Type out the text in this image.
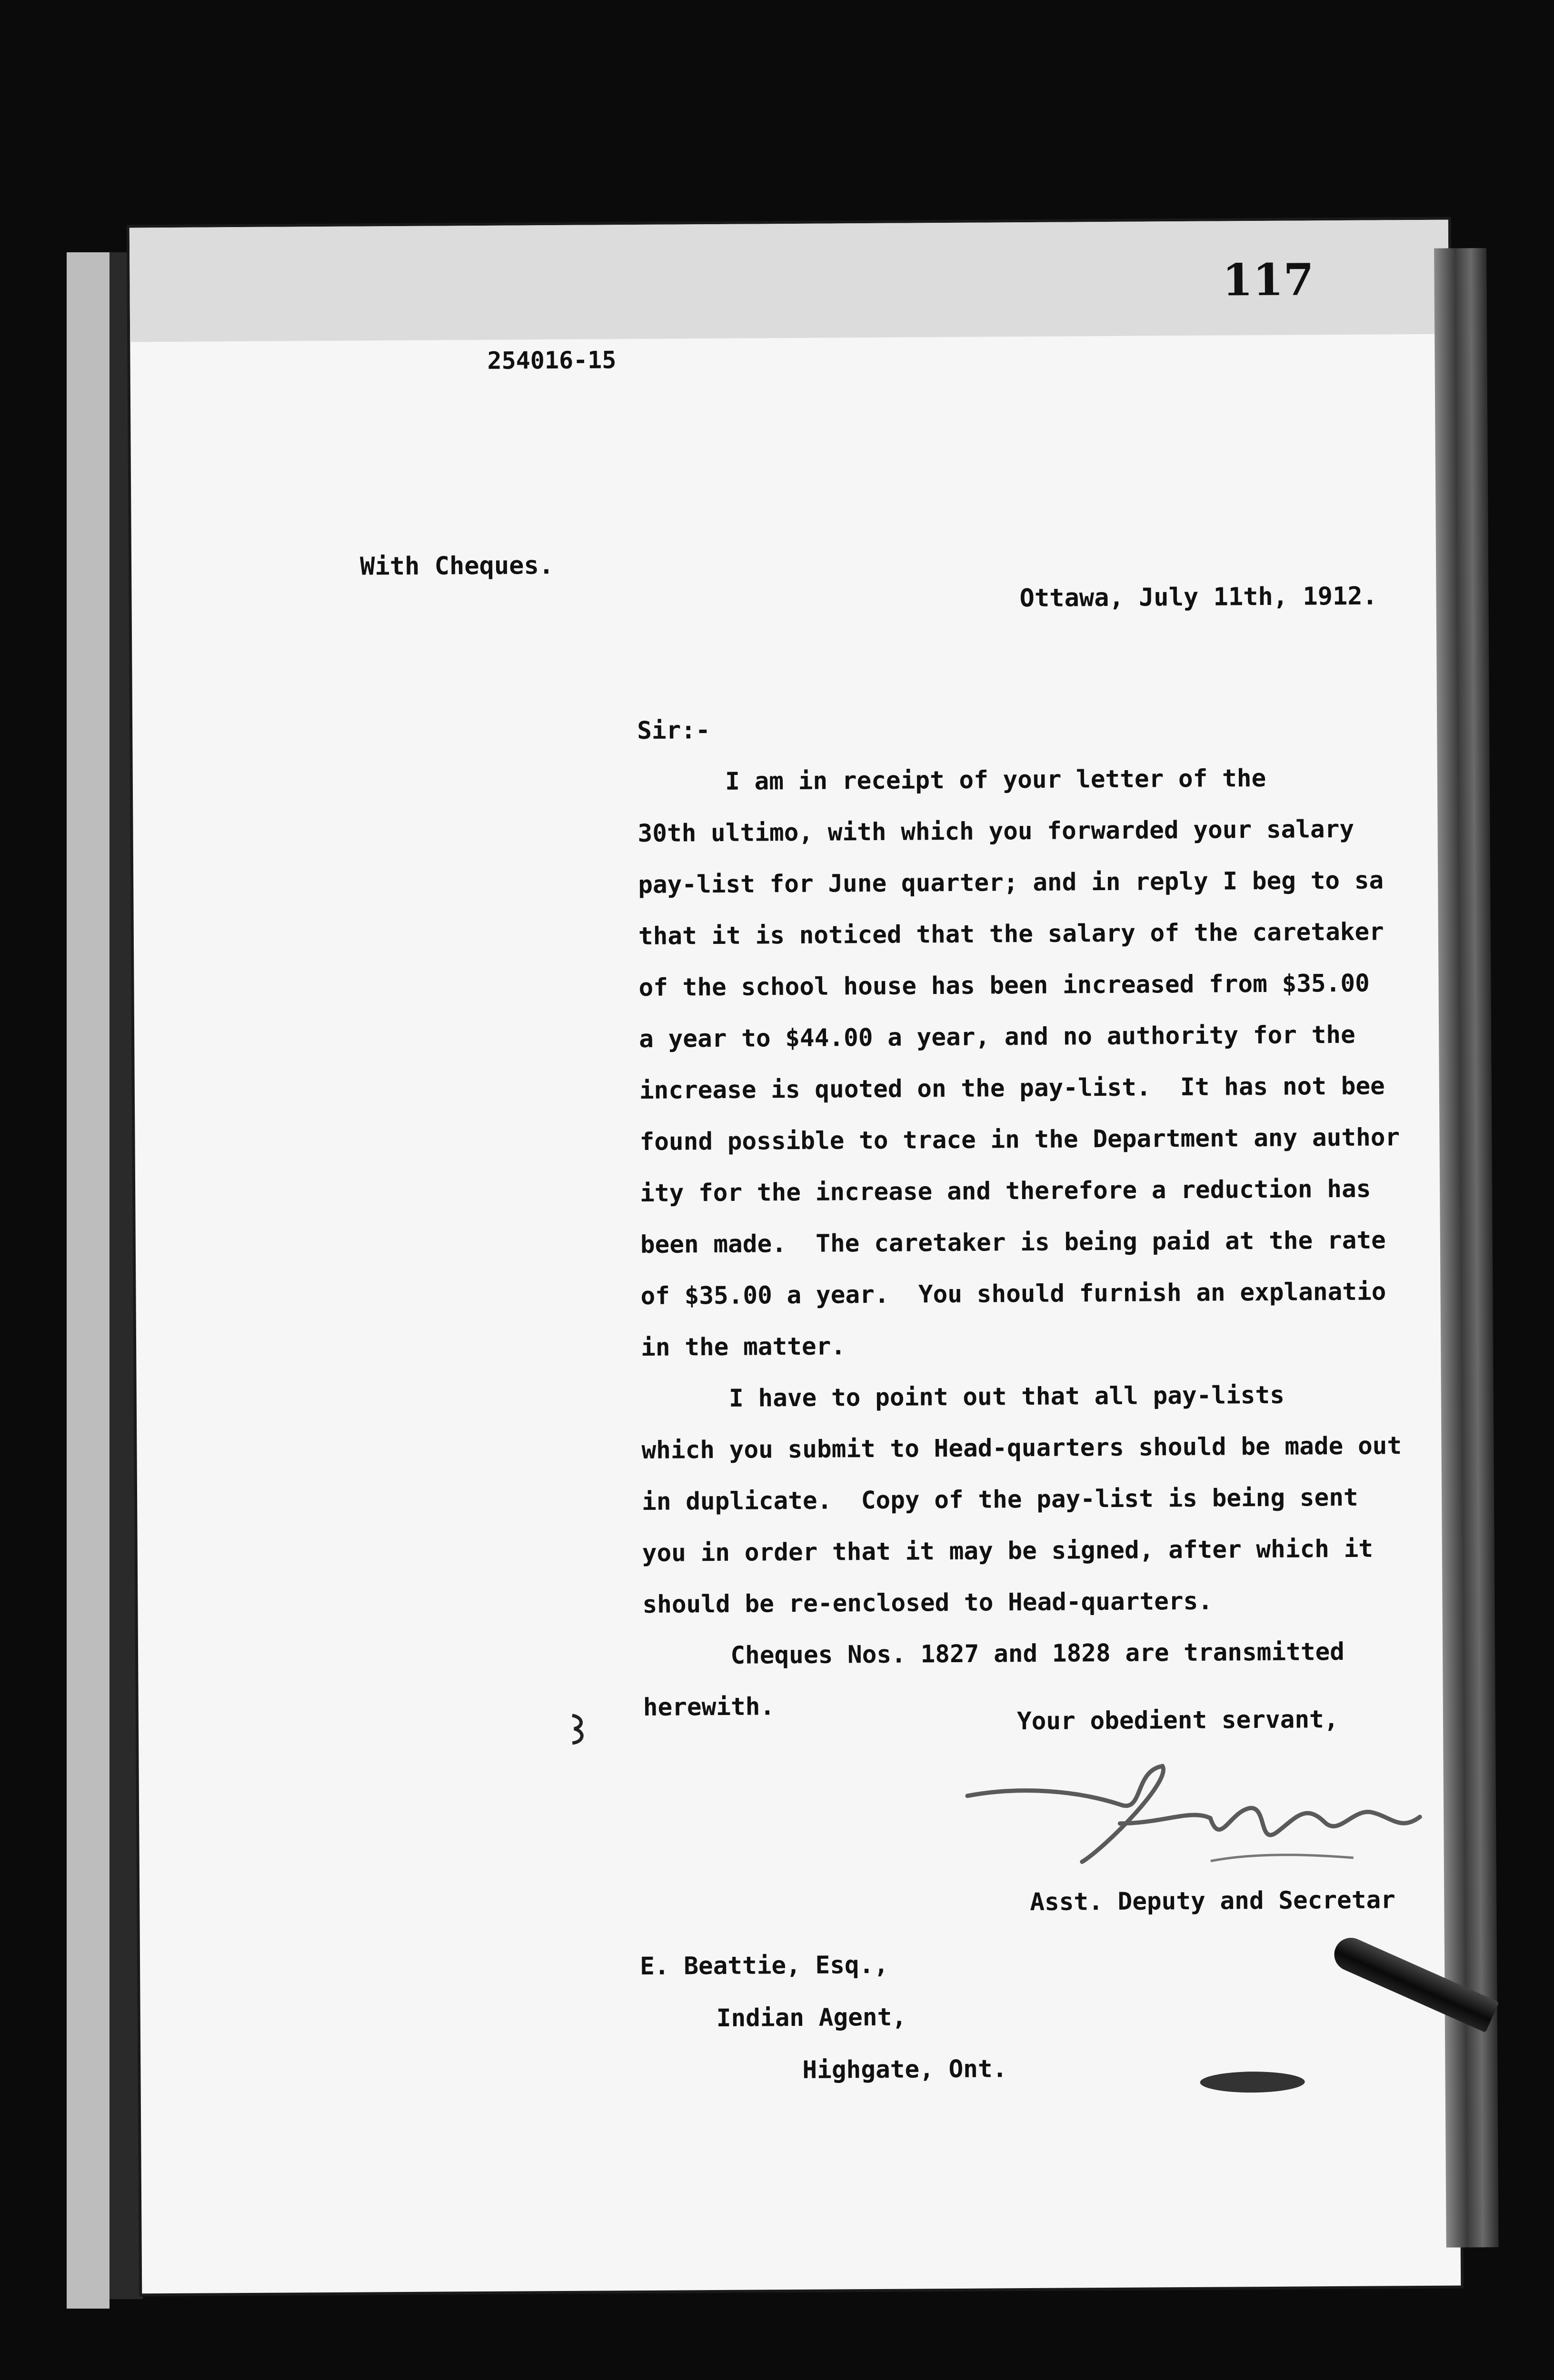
117
254016-15
With Cheques.
Ottawa, July 11th, 1912.
Sir:-
I am in receipt of your letter of the
30th ultimo, with which you forwarded your salary
pay-list for June quarter; and in reply I beg to sa
that it is noticed that the salary of the caretaker
of the school house has been increased from $35.00
a year to $44.00 a year, and no authority for the
increase is quoted on the pay-list.  It has not bee
found possible to trace in the Department any author
ity for the increase and therefore a reduction has
been made.  The caretaker is being paid at the rate
of $35.00 a year.  You should furnish an explanatio
in the matter.
I have to point out that all pay-lists
which you submit to Head-quarters should be made out
in duplicate.  Copy of the pay-list is being sent
you in order that it may be signed, after which it
should be re-enclosed to Head-quarters.
Cheques Nos. 1827 and 1828 are transmitted
herewith.	Your obedient servant,
Asst. Deputy and Secretar
E. Beattie, Esq.,
Indian Agent,
Highgate, Ont.
